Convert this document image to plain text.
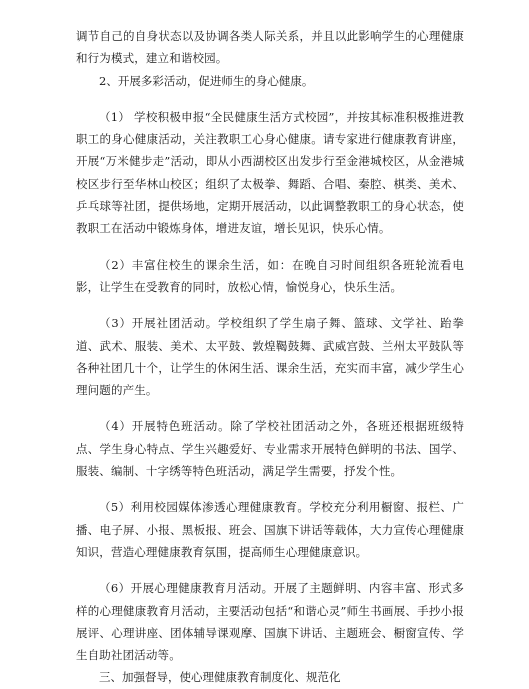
调节自己的自身状态以及协调各类人际关系，并且以此影响学生的心理健康和行为模式，建立和谐校园。

2、开展多彩活动，促进师生的身心健康。

（1） 学校积极申报“全民健康生活方式校园”，并按其标准积极推进教职工的身心健康活动，关注教职工心身心健康。请专家进行健康教育讲座，开展“万米健步走”活动，即从小西湖校区出发步行至金港城校区，从金港城校区步行至华林山校区；组织了太极拳、舞蹈、合唱、秦腔、棋类、美术、乒乓球等社团，提供场地，定期开展活动，以此调整教职工的身心状态，使教职工在活动中锻炼身体，增进友谊，增长见识，快乐心情。

（2）丰富住校生的课余生活，如：在晚自习时间组织各班轮流看电影，让学生在受教育的同时，放松心情，愉悦身心，快乐生活。

（3）开展社团活动。学校组织了学生扇子舞、篮球、文学社、跆拳道、武术、服装、美术、太平鼓、敦煌鞨鼓舞、武威宫鼓、兰州太平鼓队等各种社团几十个，让学生的休闲生活、课余生活，充实而丰富，减少学生心理问题的产生。

（4）开展特色班活动。除了学校社团活动之外，各班还根据班级特点、学生身心特点、学生兴趣爱好、专业需求开展特色鲜明的书法、国学、服装、编制、十字绣等特色班活动，满足学生需要，抒发个性。

（5）利用校园媒体渗透心理健康教育。学校充分利用橱窗、报栏、广播、电子屏、小报、黑板报、班会、国旗下讲话等载体，大力宣传心理健康知识，营造心理健康教育氛围，提高师生心理健康意识。

（6）开展心理健康教育月活动。开展了主题鲜明、内容丰富、形式多样的心理健康教育月活动，主要活动包括“和谐心灵”师生书画展、手抄小报展评、心理讲座、团体辅导课观摩、国旗下讲话、主题班会、橱窗宣传、学生自助社团活动等。

三、加强督导，使心理健康教育制度化、规范化
